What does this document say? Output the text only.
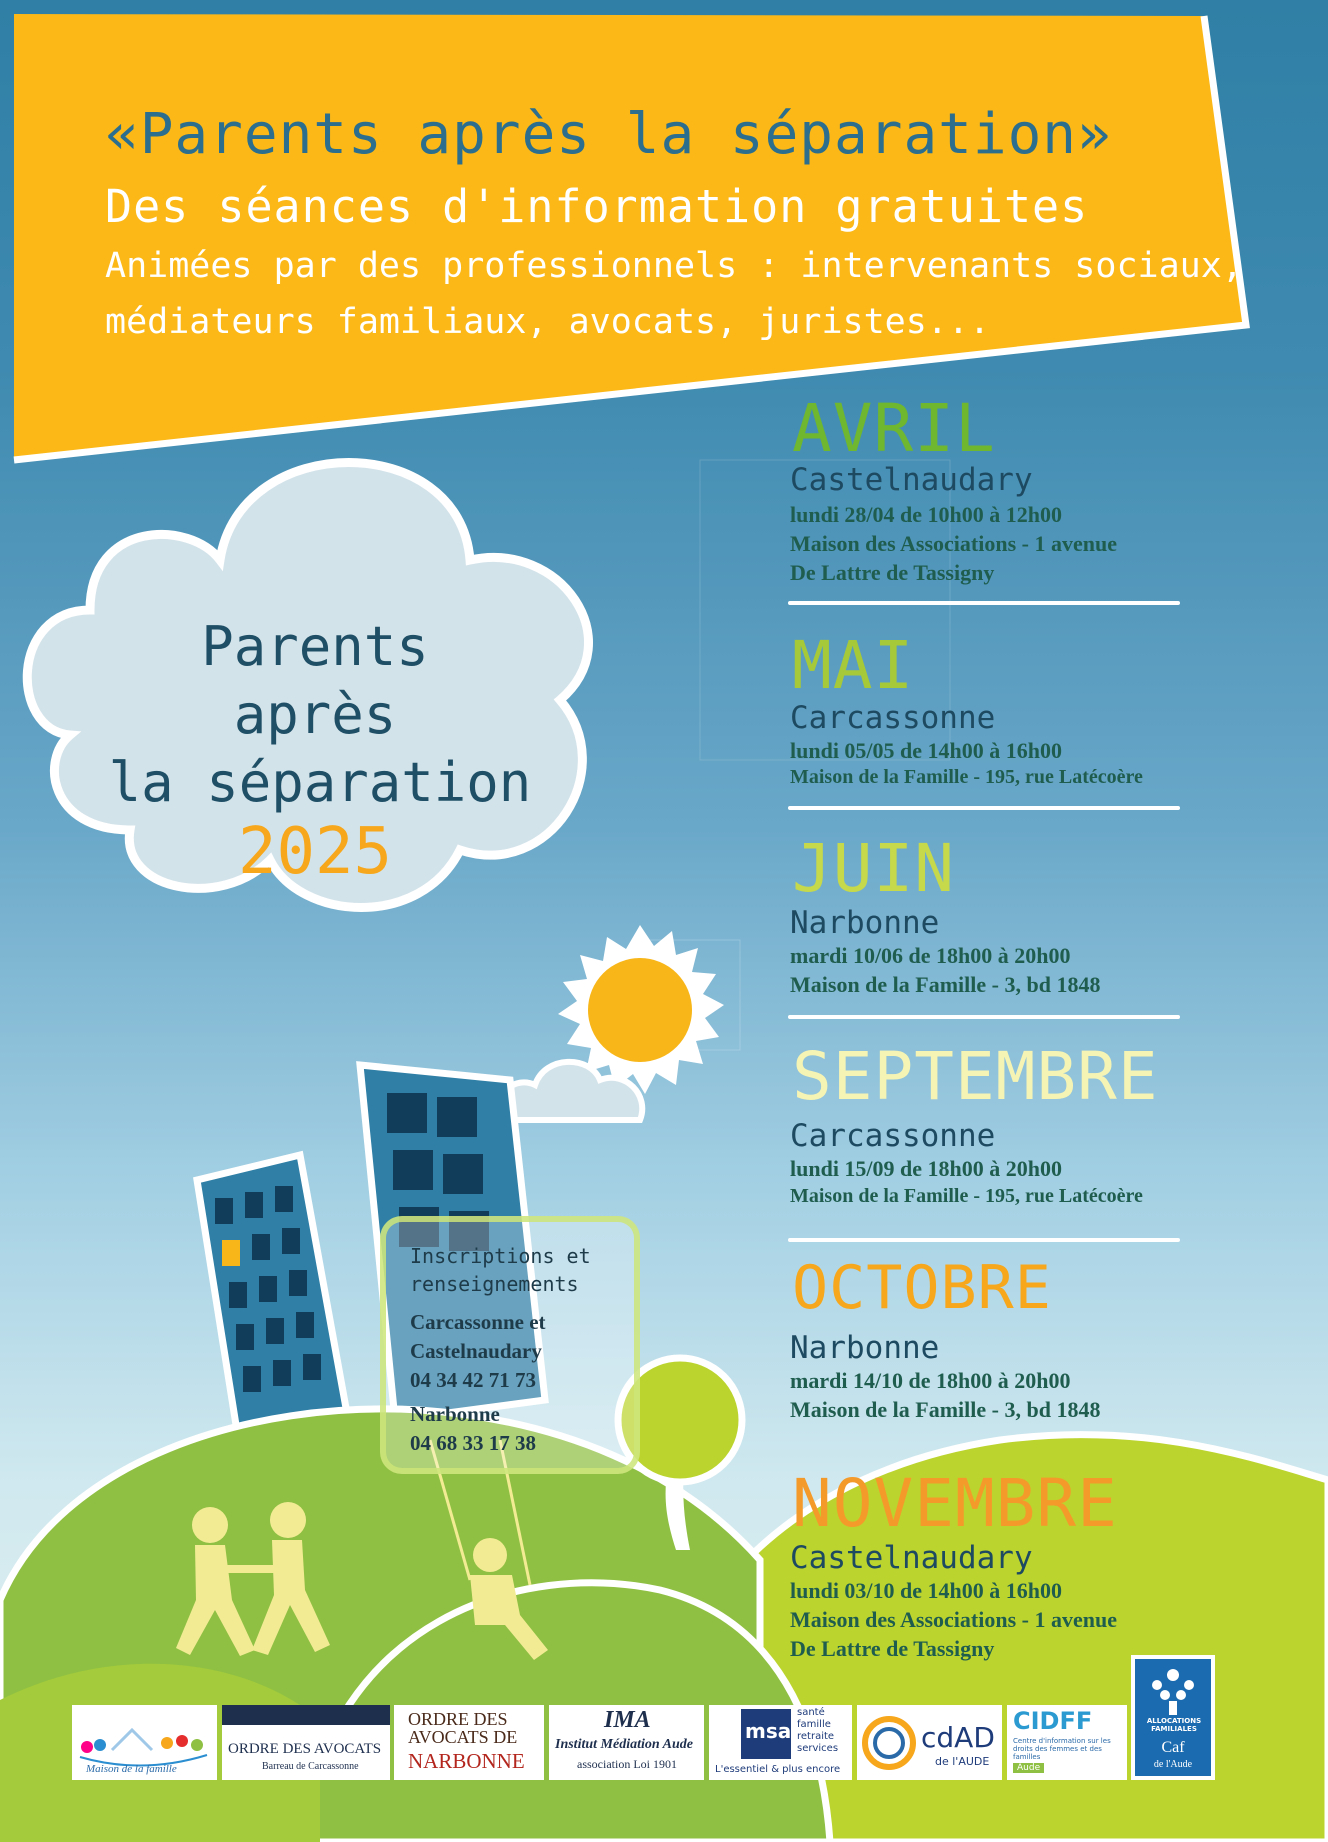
«Parents après la séparation»
Des séances d'information gratuites
Animées par des professionnels : intervenants sociaux,
médiateurs familiaux, avocats, juristes...
Parents
après
la séparation
2025
AVRIL
Castelnaudary
lundi 28/04 de 10h00 à 12h00
Maison des Associations - 1 avenue
De Lattre de Tassigny
MAI
Carcassonne
lundi 05/05 de 14h00 à 16h00
Maison de la Famille - 195, rue Latécoère
JUIN
Narbonne
mardi 10/06 de 18h00 à 20h00
Maison de la Famille - 3, bd 1848
SEPTEMBRE
Carcassonne
lundi 15/09 de 18h00 à 20h00
Maison de la Famille - 195, rue Latécoère
OCTOBRE
Narbonne
mardi 14/10 de 18h00 à 20h00
Maison de la Famille - 3, bd 1848
NOVEMBRE
Castelnaudary
lundi 03/10 de 14h00 à 16h00
Maison des Associations - 1 avenue
De Lattre de Tassigny
Inscriptions et
renseignements
Carcassonne et
Castelnaudary
04 34 42 71 73
Narbonne
04 68 33 17 38
Maison de la famille
ORDRE DES AVOCATS
Barreau de Carcassonne
ORDRE DES
AVOCATS DE
NARBONNE
IMA
Institut Médiation Aude
association Loi 1901
msa
santé
famille
retraite
services
L'essentiel & plus encore
cdAD
de l'AUDE
CIDFF
Centre d'information sur les droits des femmes et des familles
Aude
ALLOCATIONS FAMILIALES
Caf
de l'Aude
